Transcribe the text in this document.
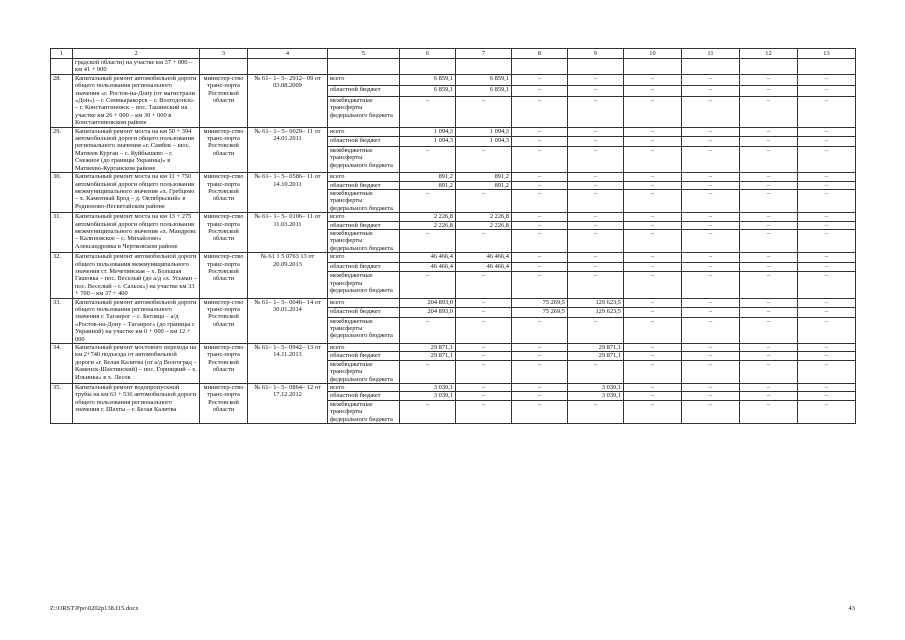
1	2	3	4	5	6	7	8	9	10	11	12	13
	градской области) на участке км 37 + 000 – км 41 + 000											
28.	Капитальный ремонт автомобильной дороги общего пользования регионального значения «г. Ростов-на-Дону (от магистрали «Дон») – г. Семикаракорск – г. Волгодонск» – г. Константиновск – пос. Ташинский на участке км 26 + 000 – км 30 + 000 в Константиновском районе	министер-ство транс-порта Ростовской области	№ 61– 1– 5– 2912– 09 от 03.08.2009	всего	6 859,1	6 859,1	–	–	–	–	–	–
				областной бюджет	6 859,1	6 859,1	–	–	–	–	–	–
				межбюджетные трансферты федерального бюджета	–	–	–	–	–	–	–	–
29.	Капитальный ремонт моста на км 50 + 394 автомобильной дороги общего пользования регионального значения «г. Самбек – шос. Матвеев Курган – с. Куйбышево – г. Снежное (до границы Украины)» в Матвеево-Курганском районе	министер-ство транс-порта Ростовской области	№ 61– 1– 5– 0029– 11 от 24.01.2011	всего	1 094,3	1 094,3	–	–	–	–	–	–
				областной бюджет	1 094,3	1 094,3	–	–	–	–	–	–
				межбюджетные трансферты федерального бюджета	–	–	–	–	–	–	–	–
30.	Капитальный ремонт моста на км 11 + 750 автомобильной дороги общего пользования межмуниципального значения «х. Гребцово – х. Каменный Брод – д. Октябрьский» в Родионово-Несветайском районе	министер-ство транс-порта Ростовской области	№ 61– 1– 5– 0586– 11 от 14.10.2011	всего	891,2	891,2	–	–	–	–	–	–
				областной бюджет	891,2	891,2	–	–	–	–	–	–
				межбюджетные трансферты федерального бюджета	–	–	–	–	–	–	–	–
31.	Капитальный ремонт моста на км 13 + 275 автомобильной дороги общего пользования межмуниципального значения «х. Мандровс – Калиновское – с. Михайлово» Александровка в Чертковском районе	министер-ство транс-порта Ростовской области	№ 61– 1– 5– 0106– 11 от 11.03.2011	всего	2 226,8	2 226,8	–	–	–	–	–	–
				областной бюджет	2 226,8	2 226,8	–	–	–	–	–	–
				межбюджетные трансферты федерального бюджета	–	–	–	–	–	–	–	–
32.	Капитальный ремонт автомобильной дороги общего пользования межмуниципального значения ст. Мечетинская – х. Большая Гашовка – пос. Веселый (до а/д «х. Усьман – пос. Веселый – г. Сальск») на участке км 33 + 700 – км 37 + 400	министер-ство транс-порта Ростовской области	№ 61 1 5 0763 13 от 20.09.2013	всего	46 466,4	46 466,4	–	–	–	–	–	–
				областной бюджет	46 466,4	46 466,4	–	–	–	–	–	–
				межбюджетные трансферты федерального бюджета	–	–	–	–	–	–	–	–
33.	Капитальный ремонт автомобильной дороги общего пользования регионального значения г. Таганрог – с. Бегляца – а/д «Ростов-на-Дону – Таганрог» (до границы с Украиной) на участке км 0 + 000 – км 12 + 000	министер-ство транс-порта Ростовской области	№ 61– 1– 5– 0046– 14 от 30.01.2014	всего	204 893,0	–	75 269,5	129 623,5	–	–	–	–
				областной бюджет	204 893,0	–	75 269,5	129 623,5	–	–	–	–
				межбюджетные трансферты федерального бюджета	–	–	–	–	–	–	–	–
34.	Капитальный ремонт мостового перехода на км 2+740 подъезда от автомобильной дороги «г. Белая Калитва (от а/д Волгоград – Каменск-Шахтинский) – пос. Горняцкий – х. Ильинка» в х. Лесок	министер-ство транс-порта Ростовской области	№ 61– 1– 5– 0942– 13 от 14.11.2013	всего	29 871,1	–	–	29 871,1	–	–	–	–
				областной бюджет	29 871,1	–	–	29 871,1	–	–	–	–
				межбюджетные трансферты федерального бюджета	–	–	–	–	–	–	–	–
35.	Капитальный ремонт водопропускной трубы на км 63 + 536 автомобильной дороги общего пользования регионального значения г. Шахты – г. Белая Калитва	министер-ство транс-порта Ростовской области	№ 61– 1– 5– 0864– 12 от 17.12.2012	всего	3 039,1	–	–	3 039,1	–	–	–	–
				областной бюджет	3 039,1	–	–	3 039,1	–	–	–	–
				межбюджетные трансферты федерального бюджета	–	–	–	–	–	–	–	–
Z:\ORST\Ppo\0202p138.f15.docx	43
